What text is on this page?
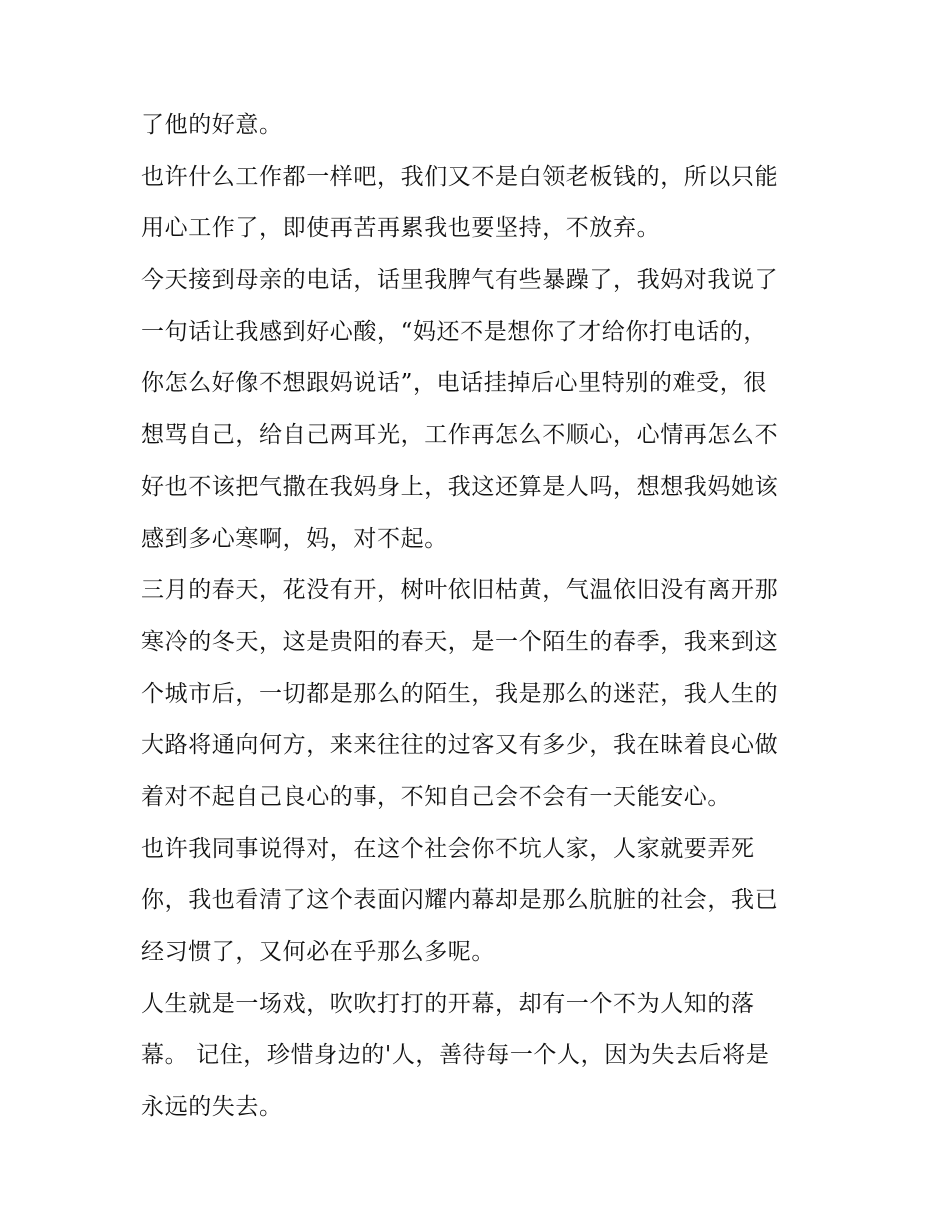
了他的好意。
也许什么工作都一样吧，我们又不是白领老板钱的，所以只能
用心工作了，即使再苦再累我也要坚持，不放弃。
今天接到母亲的电话，话里我脾气有些暴躁了，我妈对我说了
一句话让我感到好心酸，“妈还不是想你了才给你打电话的，
你怎么好像不想跟妈说话”，电话挂掉后心里特别的难受，很
想骂自己，给自己两耳光，工作再怎么不顺心，心情再怎么不
好也不该把气撒在我妈身上，我这还算是人吗，想想我妈她该
感到多心寒啊，妈，对不起。
三月的春天，花没有开，树叶依旧枯黄，气温依旧没有离开那
寒冷的冬天，这是贵阳的春天，是一个陌生的春季，我来到这
个城市后，一切都是那么的陌生，我是那么的迷茫，我人生的
大路将通向何方，来来往往的过客又有多少，我在昧着良心做
着对不起自己良心的事，不知自己会不会有一天能安心。
也许我同事说得对，在这个社会你不坑人家，人家就要弄死
你，我也看清了这个表面闪耀内幕却是那么肮脏的社会，我已
经习惯了，又何必在乎那么多呢。
人生就是一场戏，吹吹打打的开幕，却有一个不为人知的落
幕。 记住，珍惜身边的'人，善待每一个人，因为失去后将是
永远的失去。
